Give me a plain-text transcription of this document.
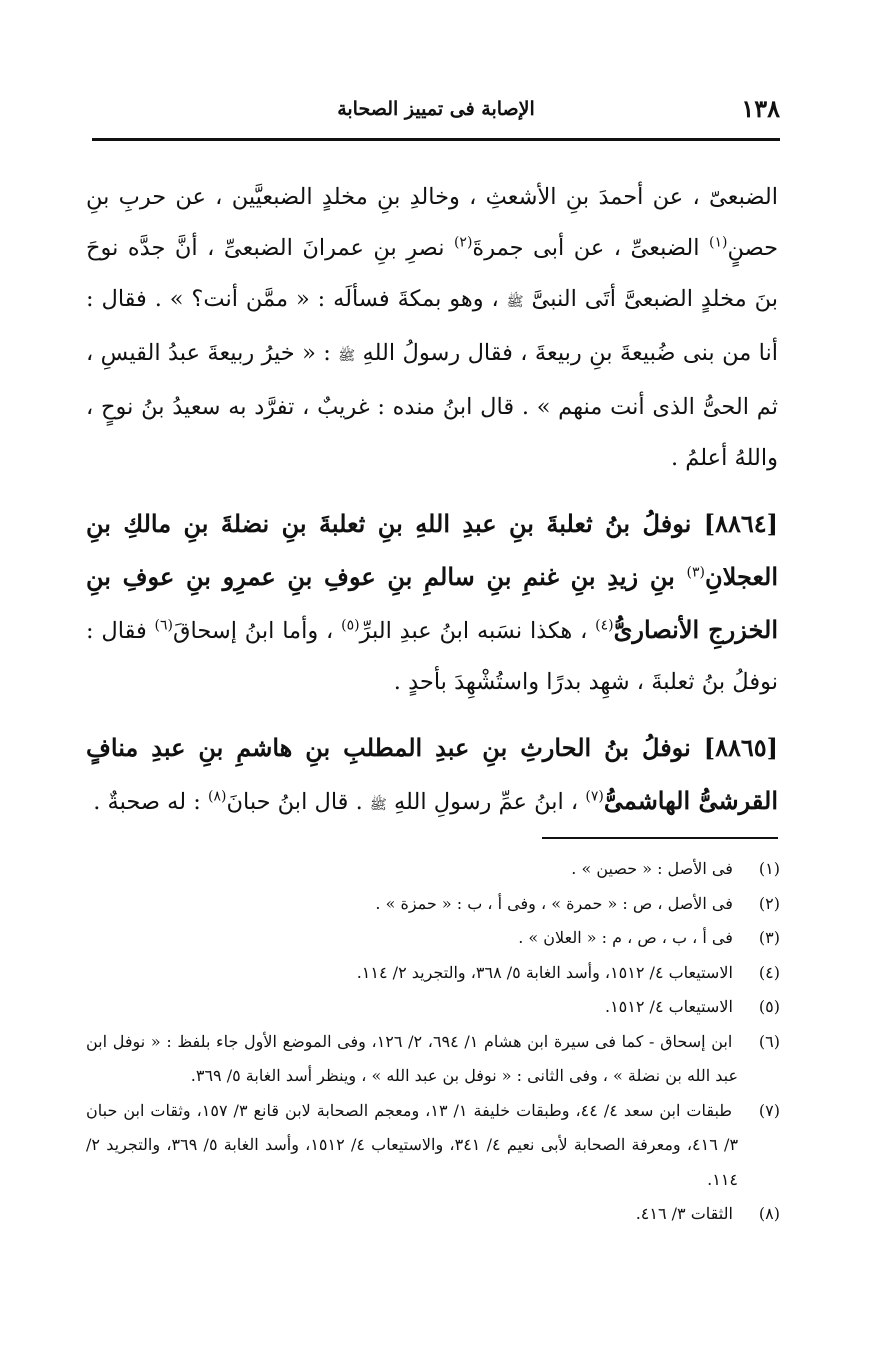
١٣٨
الإصابة فى تمييز الصحابة

الضبعىّ ، عن أحمدَ بنِ الأشعثِ ، وخالدِ بنِ مخلدٍ الضبعيَّين ، عن حربِ بنِ حصنٍ$^{(١)}$ الضبعىِّ ، عن أبى جمرةَ$^{(٢)}$ نصرِ بنِ عمرانَ الضبعىِّ ، أنَّ جدَّه نوحَ بنَ مخلدٍ الضبعىَّ أتَى النبىَّ ﷺ ، وهو بمكةَ فسألَه : « ممَّن أنت؟ » . فقال : أنا من بنى ضُبيعةَ بنِ ربيعةَ ، فقال رسولُ اللهِ ﷺ : « خيرُ ربيعةَ عبدُ القيسِ ، ثم الحىُّ الذى أنت منهم » . قال ابنُ منده : غريبٌ ، تفرَّد به سعيدُ بنُ نوحٍ ، واللهُ أعلمُ .

[٨٨٦٤] نوفلُ بنُ ثعلبةَ بنِ عبدِ اللهِ بنِ ثعلبةَ بنِ نضلةَ بنِ مالكِ بنِ العجلانِ$^{(٣)}$ بنِ زيدِ بنِ غنمِ بنِ سالمِ بنِ عوفِ بنِ عمرِو بنِ عوفِ بنِ الخزرجِ الأنصارىُّ$^{(٤)}$ ، هكذا نسَبه ابنُ عبدِ البرِّ$^{(٥)}$ ، وأما ابنُ إسحاقَ$^{(٦)}$ فقال : نوفلُ بنُ ثعلبةَ ، شهِد بدرًا واستُشْهِدَ بأحدٍ .

[٨٨٦٥] نوفلُ بنُ الحارثِ بنِ عبدِ المطلبِ بنِ هاشمِ بنِ عبدِ منافٍ القرشىُّ الهاشمىُّ$^{(٧)}$ ، ابنُ عمِّ رسولِ اللهِ ﷺ . قال ابنُ حبانَ$^{(٨)}$ : له صحبةٌ .

(١) فى الأصل : « حصين » .

(٢) فى الأصل ، ص : « حمرة » ، وفى أ ، ب : « حمزة » .

(٣) فى أ ، ب ، ص ، م : « العلان » .

(٤) الاستيعاب ٤/ ١٥١٢، وأسد الغابة ٥/ ٣٦٨، والتجريد ٢/ ١١٤.

(٥) الاستيعاب ٤/ ١٥١٢.

(٦) ابن إسحاق - كما فى سيرة ابن هشام ١/ ٦٩٤، ٢/ ١٢٦، وفى الموضع الأول جاء بلفظ : « نوفل ابن عبد الله بن نضلة » ، وفى الثانى : « نوفل بن عبد الله » ، وينظر أسد الغابة ٥/ ٣٦٩.

(٧) طبقات ابن سعد ٤/ ٤٤، وطبقات خليفة ١/ ١٣، ومعجم الصحابة لابن قانع ٣/ ١٥٧، وثقات ابن حبان ٣/ ٤١٦، ومعرفة الصحابة لأبى نعيم ٤/ ٣٤١، والاستيعاب ٤/ ١٥١٢، وأسد الغابة ٥/ ٣٦٩، والتجريد ٢/ ١١٤.

(٨) الثقات ٣/ ٤١٦.
